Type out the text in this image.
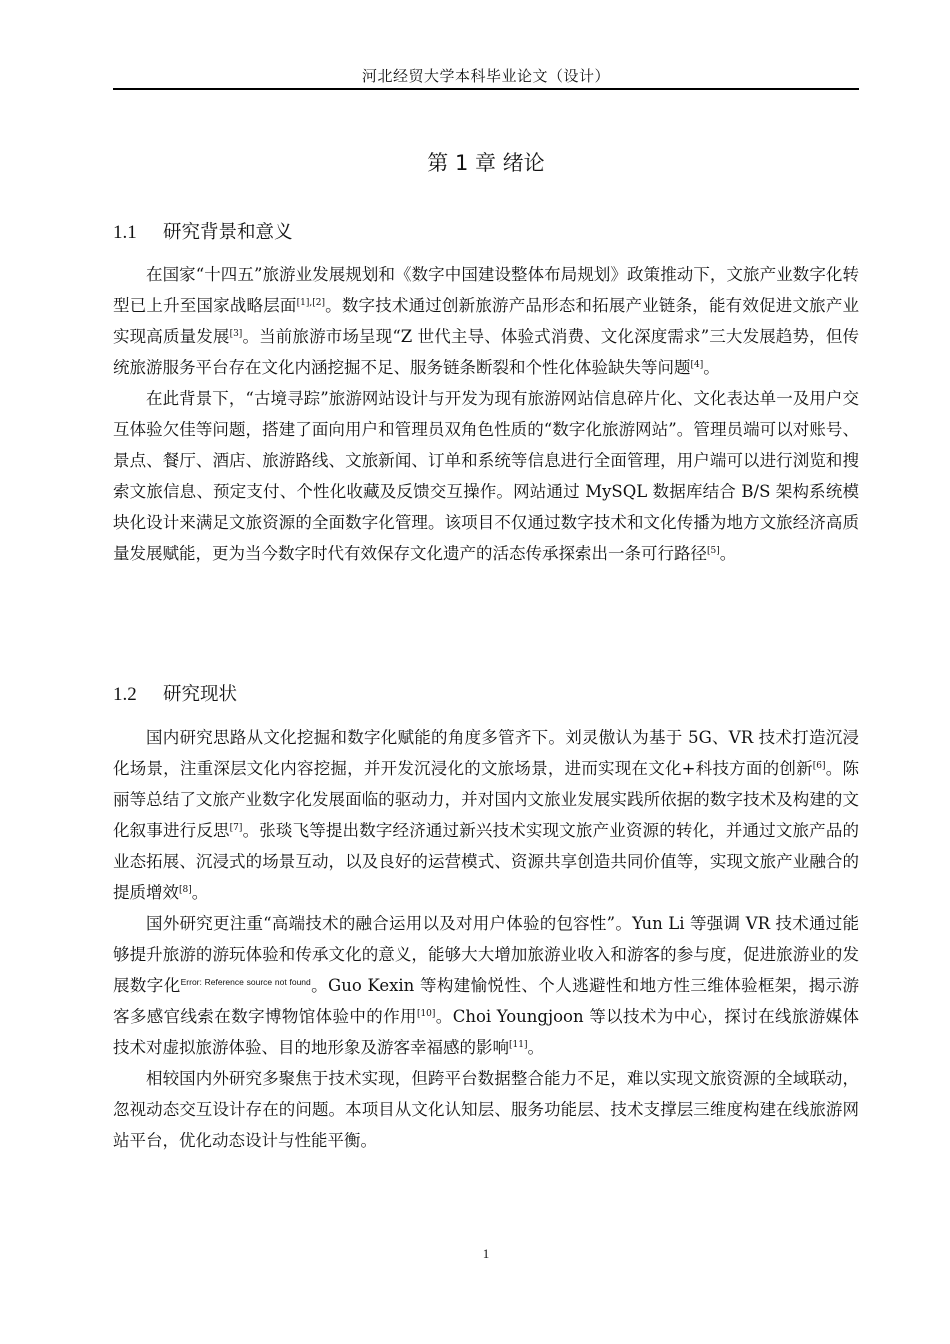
河北经贸大学本科毕业论文（设计）
第 1 章 绪论
1.1 研究背景和意义

在国家“十四五”旅游业发展规划和《数字中国建设整体布局规划》政策推动下，文旅产业数字化转型已上升至国家战略层面[1],[2]。数字技术通过创新旅游产品形态和拓展产业链条，能有效促进文旅产业实现高质量发展[3]。当前旅游市场呈现“Z 世代主导、体验式消费、文化深度需求”三大发展趋势，但传统旅游服务平台存在文化内涵挖掘不足、服务链条断裂和个性化体验缺失等问题[4]。

在此背景下，“古境寻踪”旅游网站设计与开发为现有旅游网站信息碎片化、文化表达单一及用户交互体验欠佳等问题，搭建了面向用户和管理员双角色性质的“数字化旅游网站”。管理员端可以对账号、景点、餐厅、酒店、旅游路线、文旅新闻、订单和系统等信息进行全面管理，用户端可以进行浏览和搜索文旅信息、预定支付、个性化收藏及反馈交互操作。网站通过 MySQL 数据库结合 B/S 架构系统模块化设计来满足文旅资源的全面数字化管理。该项目不仅通过数字技术和文化传播为地方文旅经济高质量发展赋能，更为当今数字时代有效保存文化遗产的活态传承探索出一条可行路径[5]。

1.2 研究现状

国内研究思路从文化挖掘和数字化赋能的角度多管齐下。刘灵傲认为基于 5G、VR 技术打造沉浸化场景，注重深层文化内容挖掘，并开发沉浸化的文旅场景，进而实现在文化+科技方面的创新[6]。陈丽等总结了文旅产业数字化发展面临的驱动力，并对国内文旅业发展实践所依据的数字技术及构建的文化叙事进行反思[7]。张琰飞等提出数字经济通过新兴技术实现文旅产业资源的转化，并通过文旅产品的业态拓展、沉浸式的场景互动，以及良好的运营模式、资源共享创造共同价值等，实现文旅产业融合的提质增效[8]。

国外研究更注重“高端技术的融合运用以及对用户体验的包容性”。Yun Li 等强调 VR 技术通过能够提升旅游的游玩体验和传承文化的意义，能够大大增加旅游业收入和游客的参与度，促进旅游业的发展数字化$^{Error: Reference source not found}$。Guo Kexin 等构建愉悦性、个人逃避性和地方性三维体验框架，揭示游客多感官线索在数字博物馆体验中的作用[10]。Choi Youngjoon 等以技术为中心，探讨在线旅游媒体技术对虚拟旅游体验、目的地形象及游客幸福感的影响[11]。

相较国内外研究多聚焦于技术实现，但跨平台数据整合能力不足，难以实现文旅资源的全域联动，忽视动态交互设计存在的问题。本项目从文化认知层、服务功能层、技术支撑层三维度构建在线旅游网站平台，优化动态设计与性能平衡。

1
